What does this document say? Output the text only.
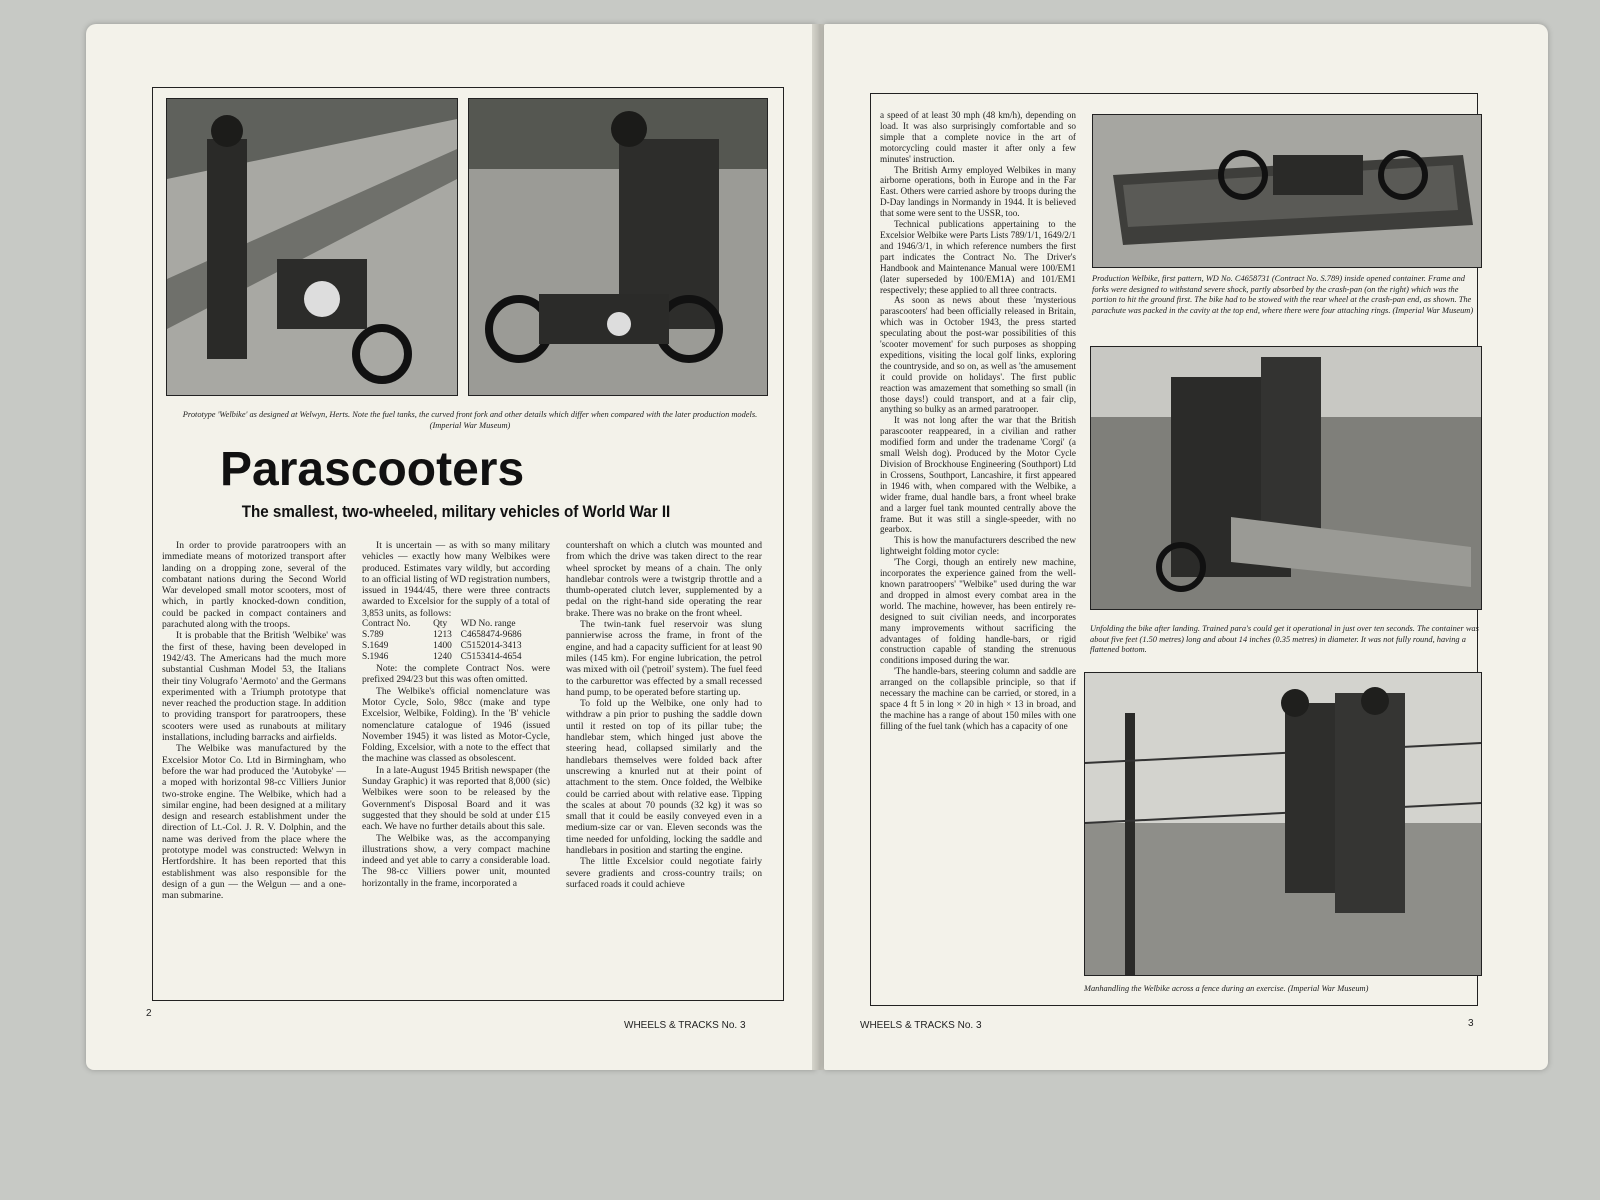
Prototype 'Welbike' as designed at Welwyn, Herts. Note the fuel tanks, the curved front fork and other details which differ when compared with the later production models. (Imperial War Museum)
Parascooters
The smallest, two-wheeled, military vehicles of World War II

In order to provide paratroopers with an immediate means of motorized transport after landing on a dropping zone, several of the combatant nations during the Second World War developed small motor scooters, most of which, in partly knocked-down condition, could be packed in compact containers and parachuted along with the troops.

It is probable that the British 'Welbike' was the first of these, having been developed in 1942/43. The Americans had the much more substantial Cushman Model 53, the Italians their tiny Volugrafo 'Aermoto' and the Germans experimented with a Triumph prototype that never reached the production stage. In addition to providing transport for paratroopers, these scooters were used as runabouts at military installations, including barracks and airfields.

The Welbike was manufactured by the Excelsior Motor Co. Ltd in Birmingham, who before the war had produced the 'Autobyke' — a moped with horizontal 98-cc Villiers Junior two-stroke engine. The Welbike, which had a similar engine, had been designed at a military design and research establishment under the direction of Lt.-Col. J. R. V. Dolphin, and the name was derived from the place where the prototype model was constructed: Welwyn in Hertfordshire. It has been reported that this establishment was also responsible for the design of a gun — the Welgun — and a one-man submarine.

It is uncertain — as with so many military vehicles — exactly how many Welbikes were produced. Estimates vary wildly, but according to an official listing of WD registration numbers, issued in 1944/45, there were three contracts awarded to Excelsior for the supply of a total of 3,853 units, as follows:

Contract No.	Qty	WD No. range
S.789	1213	C4658474-9686
S.1649	1400	C5152014-3413
S.1946	1240	C5153414-4654

Note: the complete Contract Nos. were prefixed 294/23 but this was often omitted.

The Welbike's official nomenclature was Motor Cycle, Solo, 98cc (make and type Excelsior, Welbike, Folding). In the 'B' vehicle nomenclature catalogue of 1946 (issued November 1945) it was listed as Motor-Cycle, Folding, Excelsior, with a note to the effect that the machine was classed as obsolescent.

In a late-August 1945 British newspaper (the Sunday Graphic) it was reported that 8,000 (sic) Welbikes were soon to be released by the Government's Disposal Board and it was suggested that they should be sold at under £15 each. We have no further details about this sale.

The Welbike was, as the accompanying illustrations show, a very compact machine indeed and yet able to carry a considerable load. The 98-cc Villiers power unit, mounted horizontally in the frame, incorporated a

countershaft on which a clutch was mounted and from which the drive was taken direct to the rear wheel sprocket by means of a chain. The only handlebar controls were a twistgrip throttle and a thumb-operated clutch lever, supplemented by a pedal on the right-hand side operating the rear brake. There was no brake on the front wheel.

The twin-tank fuel reservoir was slung pannierwise across the frame, in front of the engine, and had a capacity sufficient for at least 90 miles (145 km). For engine lubrication, the petrol was mixed with oil ('petroil' system). The fuel feed to the carburettor was effected by a small recessed hand pump, to be operated before starting up.

To fold up the Welbike, one only had to withdraw a pin prior to pushing the saddle down until it rested on top of its pillar tube; the handlebar stem, which hinged just above the steering head, collapsed similarly and the handlebars themselves were folded back after unscrewing a knurled nut at their point of attachment to the stem. Once folded, the Welbike could be carried about with relative ease. Tipping the scales at about 70 pounds (32 kg) it was so small that it could be easily conveyed even in a medium-size car or van. Eleven seconds was the time needed for unfolding, locking the saddle and handlebars in position and starting the engine.

The little Excelsior could negotiate fairly severe gradients and cross-country trails; on surfaced roads it could achieve

2
WHEELS & TRACKS No. 3

a speed of at least 30 mph (48 km/h), depending on load. It was also surprisingly comfortable and so simple that a complete novice in the art of motorcycling could master it after only a few minutes' instruction.

The British Army employed Welbikes in many airborne operations, both in Europe and in the Far East. Others were carried ashore by troops during the D-Day landings in Normandy in 1944. It is believed that some were sent to the USSR, too.

Technical publications appertaining to the Excelsior Welbike were Parts Lists 789/1/1, 1649/2/1 and 1946/3/1, in which reference numbers the first part indicates the Contract No. The Driver's Handbook and Maintenance Manual were 100/EM1 (later superseded by 100/EM1A) and 101/EM1 respectively; these applied to all three contracts.

As soon as news about these 'mysterious parascooters' had been officially released in Britain, which was in October 1943, the press started speculating about the post-war possibilities of this 'scooter movement' for such purposes as shopping expeditions, visiting the local golf links, exploring the countryside, and so on, as well as 'the amusement it could provide on holidays'. The first public reaction was amazement that something so small (in those days!) could transport, and at a fair clip, anything so bulky as an armed paratrooper.

It was not long after the war that the British parascooter reappeared, in a civilian and rather modified form and under the tradename 'Corgi' (a small Welsh dog). Produced by the Motor Cycle Division of Brockhouse Engineering (Southport) Ltd in Crossens, Southport, Lancashire, it first appeared in 1946 with, when compared with the Welbike, a wider frame, dual handle bars, a front wheel brake and a larger fuel tank mounted centrally above the frame. But it was still a single-speeder, with no gearbox.

This is how the manufacturers described the new lightweight folding motor cycle:

'The Corgi, though an entirely new machine, incorporates the experience gained from the well-known paratroopers' "Welbike" used during the war and dropped in almost every combat area in the world. The machine, however, has been entirely re-designed to suit civilian needs, and incorporates many improvements without sacrificing the advantages of folding handle-bars, or rigid construction capable of standing the strenuous conditions imposed during the war.

'The handle-bars, steering column and saddle are arranged on the collapsible principle, so that if necessary the machine can be carried, or stored, in a space 4 ft 5 in long × 20 in high × 13 in broad, and the machine has a range of about 150 miles with one filling of the fuel tank (which has a capacity of one

Production Welbike, first pattern, WD No. C4658731 (Contract No. S.789) inside opened container. Frame and forks were designed to withstand severe shock, partly absorbed by the crash-pan (on the right) which was the portion to hit the ground first. The bike had to be stowed with the rear wheel at the crash-pan end, as shown. The parachute was packed in the cavity at the top end, where there were four attaching rings. (Imperial War Museum)
Unfolding the bike after landing. Trained para's could get it operational in just over ten seconds. The container was about five feet (1.50 metres) long and about 14 inches (0.35 metres) in diameter. It was not fully round, having a flattened bottom.
Manhandling the Welbike across a fence during an exercise. (Imperial War Museum)
WHEELS & TRACKS No. 3	3
